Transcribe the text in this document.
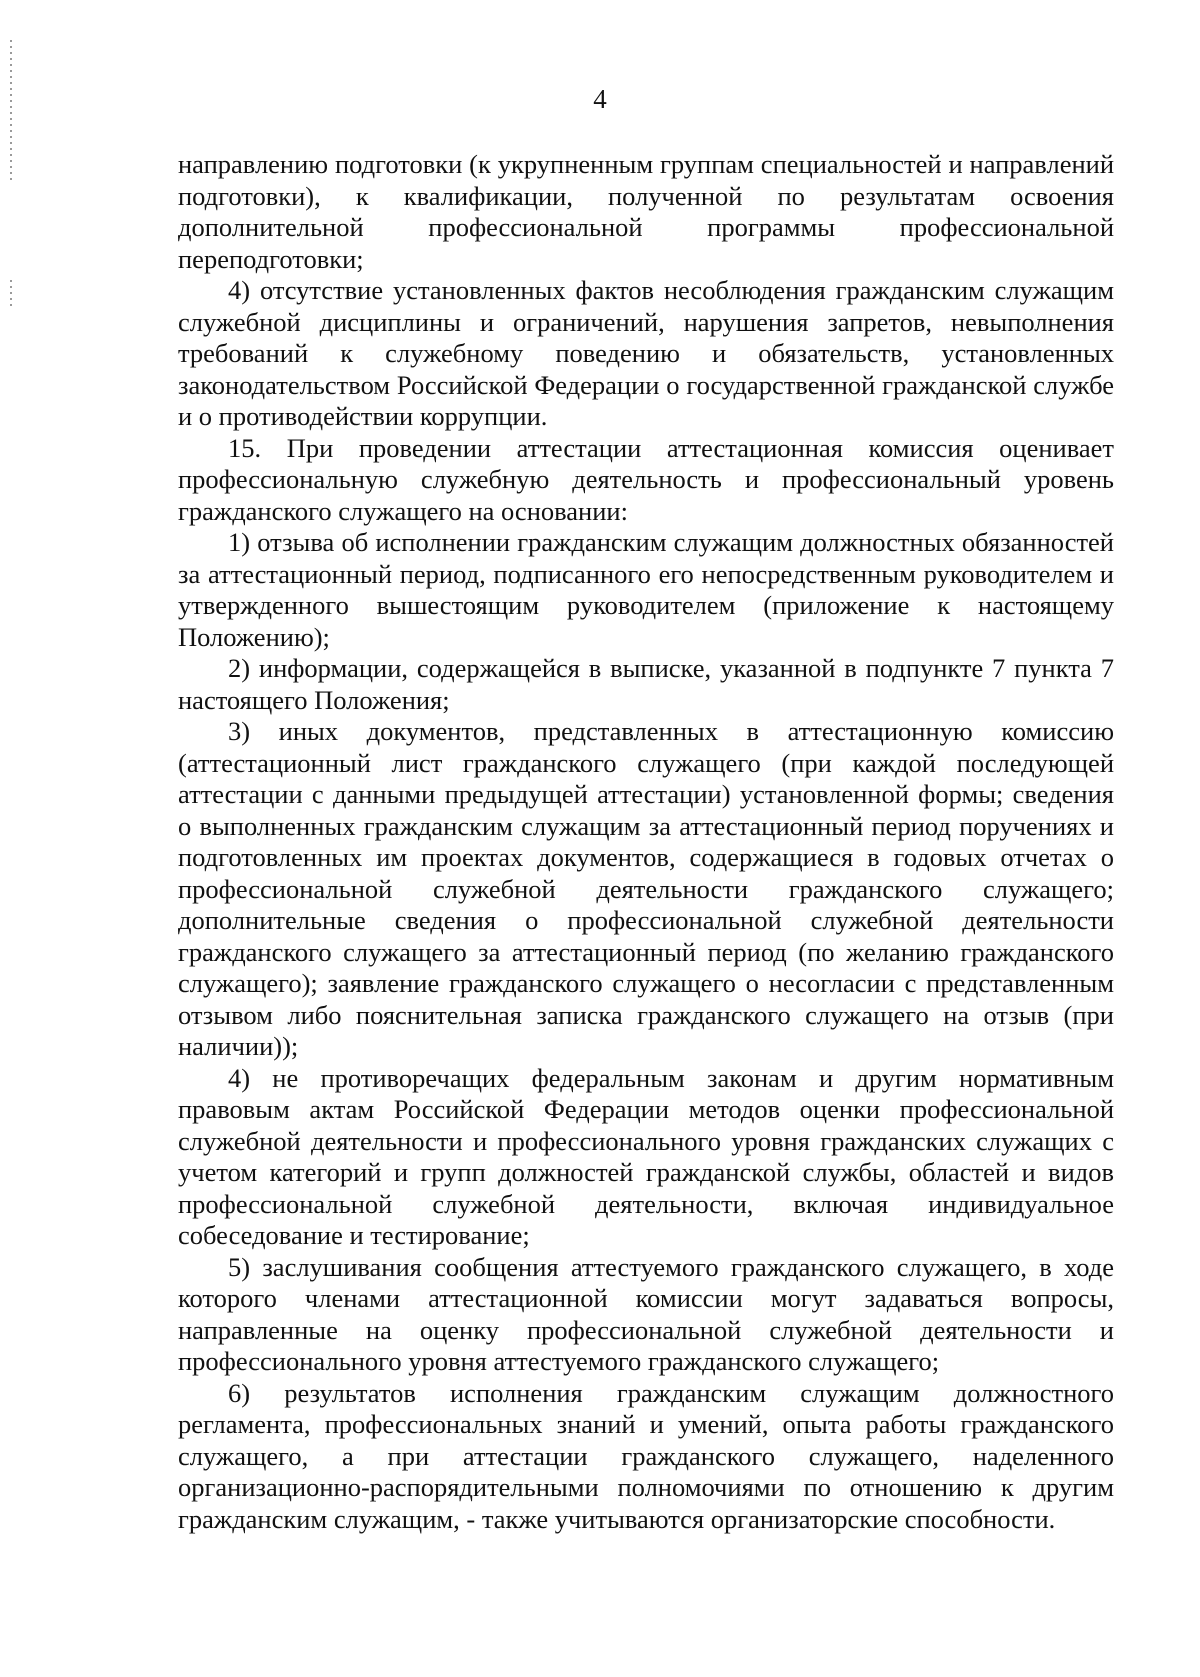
4

направлению подготовки (к укрупненным группам специальностей и направлений подготовки), к квалификации, полученной по результатам освоения дополнительной профессиональной программы профессиональной переподготовки;

4) отсутствие установленных фактов несоблюдения гражданским служащим служебной дисциплины и ограничений, нарушения запретов, невыполнения требований к служебному поведению и обязательств, установленных законодательством Российской Федерации о государственной гражданской службе и о противодействии коррупции.

15. При проведении аттестации аттестационная комиссия оценивает профессиональную служебную деятельность и профессиональный уровень гражданского служащего на основании:

1) отзыва об исполнении гражданским служащим должностных обязанностей за аттестационный период, подписанного его непосредственным руководителем и утвержденного вышестоящим руководителем (приложение к настоящему Положению);

2) информации, содержащейся в выписке, указанной в подпункте 7 пункта 7 настоящего Положения;

3) иных документов, представленных в аттестационную комиссию (аттестационный лист гражданского служащего (при каждой последующей аттестации с данными предыдущей аттестации) установленной формы; сведения о выполненных гражданским служащим за аттестационный период поручениях и подготовленных им проектах документов, содержащиеся в годовых отчетах о профессиональной служебной деятельности гражданского служащего; дополнительные сведения о профессиональной служебной деятельности гражданского служащего за аттестационный период (по желанию гражданского служащего); заявление гражданского служащего о несогласии с представленным отзывом либо пояснительная записка гражданского служащего на отзыв (при наличии));

4) не противоречащих федеральным законам и другим нормативным правовым актам Российской Федерации методов оценки профессиональной служебной деятельности и профессионального уровня гражданских служащих с учетом категорий и групп должностей гражданской службы, областей и видов профессиональной служебной деятельности, включая индивидуальное собеседование и тестирование;

5) заслушивания сообщения аттестуемого гражданского служащего, в ходе которого членами аттестационной комиссии могут задаваться вопросы, направленные на оценку профессиональной служебной деятельности и профессионального уровня аттестуемого гражданского служащего;

6) результатов исполнения гражданским служащим должностного регламента, профессиональных знаний и умений, опыта работы гражданского служащего, а при аттестации гражданского служащего, наделенного организационно-распорядительными полномочиями по отношению к другим гражданским служащим, - также учитываются организаторские способности.
